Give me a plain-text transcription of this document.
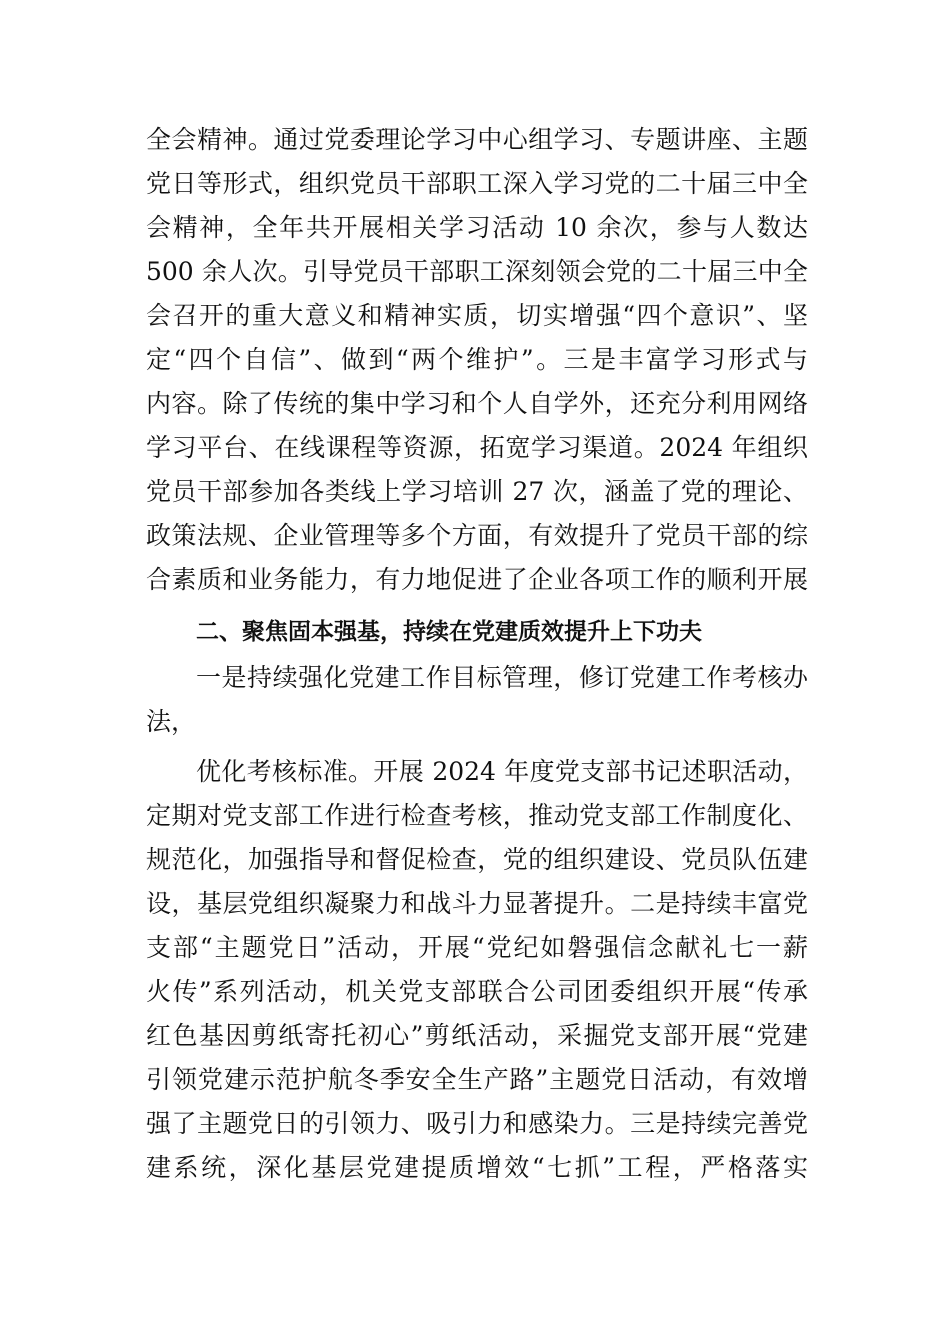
全会精神。通过党委理论学习中心组学习、专题讲座、主题
党日等形式，组织党员干部职工深入学习党的二十届三中全
会精神，全年共开展相关学习活动 10 余次，参与人数达
500 余人次。引导党员干部职工深刻领会党的二十届三中全
会召开的重大意义和精神实质，切实增强“四个意识”、坚
定“四个自信”、做到“两个维护”。三是丰富学习形式与
内容。除了传统的集中学习和个人自学外，还充分利用网络
学习平台、在线课程等资源，拓宽学习渠道。2024 年组织
党员干部参加各类线上学习培训 27 次，涵盖了党的理论、
政策法规、企业管理等多个方面，有效提升了党员干部的综
合素质和业务能力，有力地促进了企业各项工作的顺利开展
二、聚焦固本强基，持续在党建质效提升上下功夫
一是持续强化党建工作目标管理，修订党建工作考核办
法，
优化考核标准。开展 2024 年度党支部书记述职活动，
定期对党支部工作进行检查考核，推动党支部工作制度化、
规范化，加强指导和督促检查，党的组织建设、党员队伍建
设，基层党组织凝聚力和战斗力显著提升。二是持续丰富党
支部“主题党日”活动，开展“党纪如磐强信念献礼七一薪
火传”系列活动，机关党支部联合公司团委组织开展“传承
红色基因剪纸寄托初心”剪纸活动，采掘党支部开展“党建
引领党建示范护航冬季安全生产路”主题党日活动，有效增
强了主题党日的引领力、吸引力和感染力。三是持续完善党
建系统，深化基层党建提质增效“七抓”工程，严格落实
